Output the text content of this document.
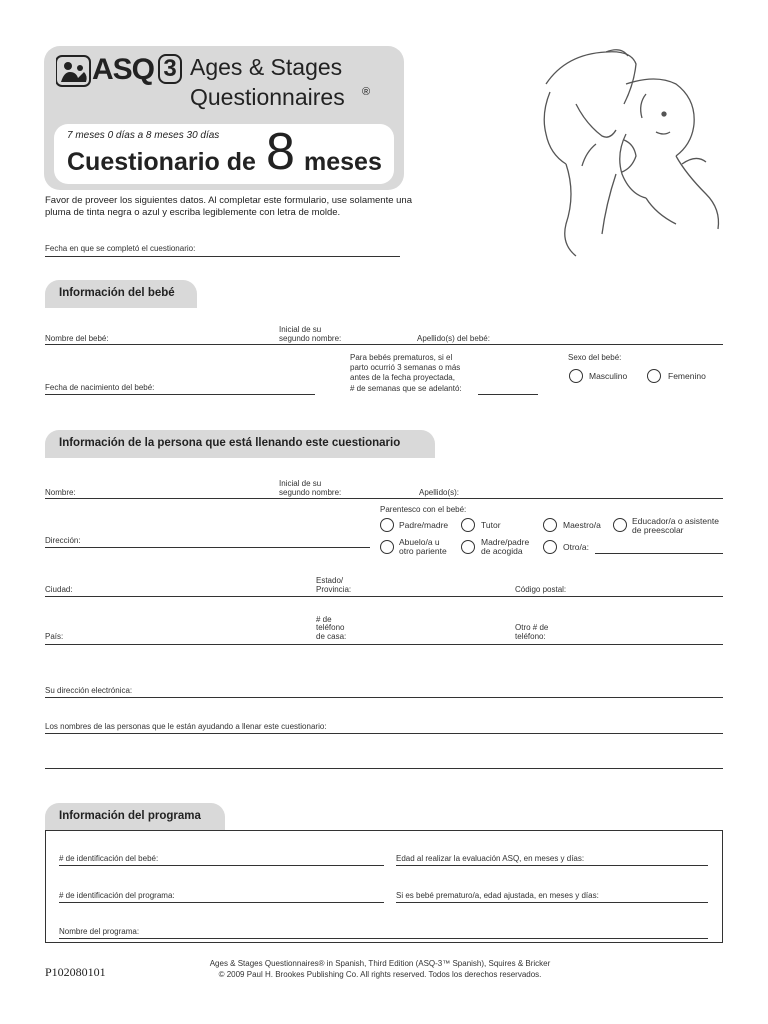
ASQ 3 Ages & Stages
Questionnaires ®
7 meses 0 días a 8 meses 30 días
Cuestionario de 8 meses
Favor de proveer los siguientes datos. Al completar este formulario, use solamente una pluma de tinta negra o azul y escriba legiblemente con letra de molde.
Fecha en que se completó el cuestionario:
Información del bebé
Nombre del bebé:
Inicial de su
segundo nombre:	Apellido(s) del bebé:
Fecha de nacimiento del bebé:
Para bebés prematuros, si el
parto ocurrió 3 semanas o más
antes de la fecha proyectada,
# de semanas que se adelantó:
Sexo del bebé:
Masculino	Femenino
Información de la persona que está llenando este cuestionario
Nombre:
Inicial de su
segundo nombre:	Apellido(s):
Parentesco con el bebé:
Padre/madre	Tutor	Maestro/a	Educador/a o asistente
de preescolar
Abuelo/a u
otro pariente
Madre/padre
de acogida	Otro/a:
Dirección:
Ciudad:
Estado/
Provincia:	Código postal:
País:
# de
teléfono
de casa:
Otro # de
teléfono:
Su dirección electrónica:
Los nombres de las personas que le están ayudando a llenar este cuestionario:
Información del programa
# de identificación del bebé:	Edad al realizar la evaluación ASQ, en meses y días:
# de identificación del programa:	Si es bebé prematuro/a, edad ajustada, en meses y días:
Nombre del programa:
P102080101
Ages & Stages Questionnaires® in Spanish, Third Edition (ASQ-3™ Spanish), Squires & Bricker
© 2009 Paul H. Brookes Publishing Co. All rights reserved. Todos los derechos reservados.
